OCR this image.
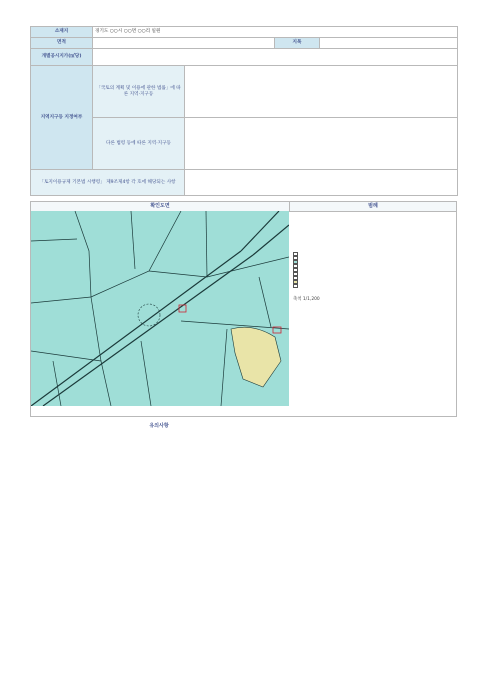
소재지	경기도 ○○시 ○○면 ○○리 일원			
면적			지목	
개별공시지가(㎡당)				
지역지구등 지정여부	「국토의 계획 및 이용에 관한 법률」에 따른 지역·지구등			
	다른 법령 등에 따른 지역·지구등			
「토지이용규제 기본법 시행령」 제9조제4항 각 호에 해당되는 사항				
확인도면	범례
축척 1/1,200
유의사항
